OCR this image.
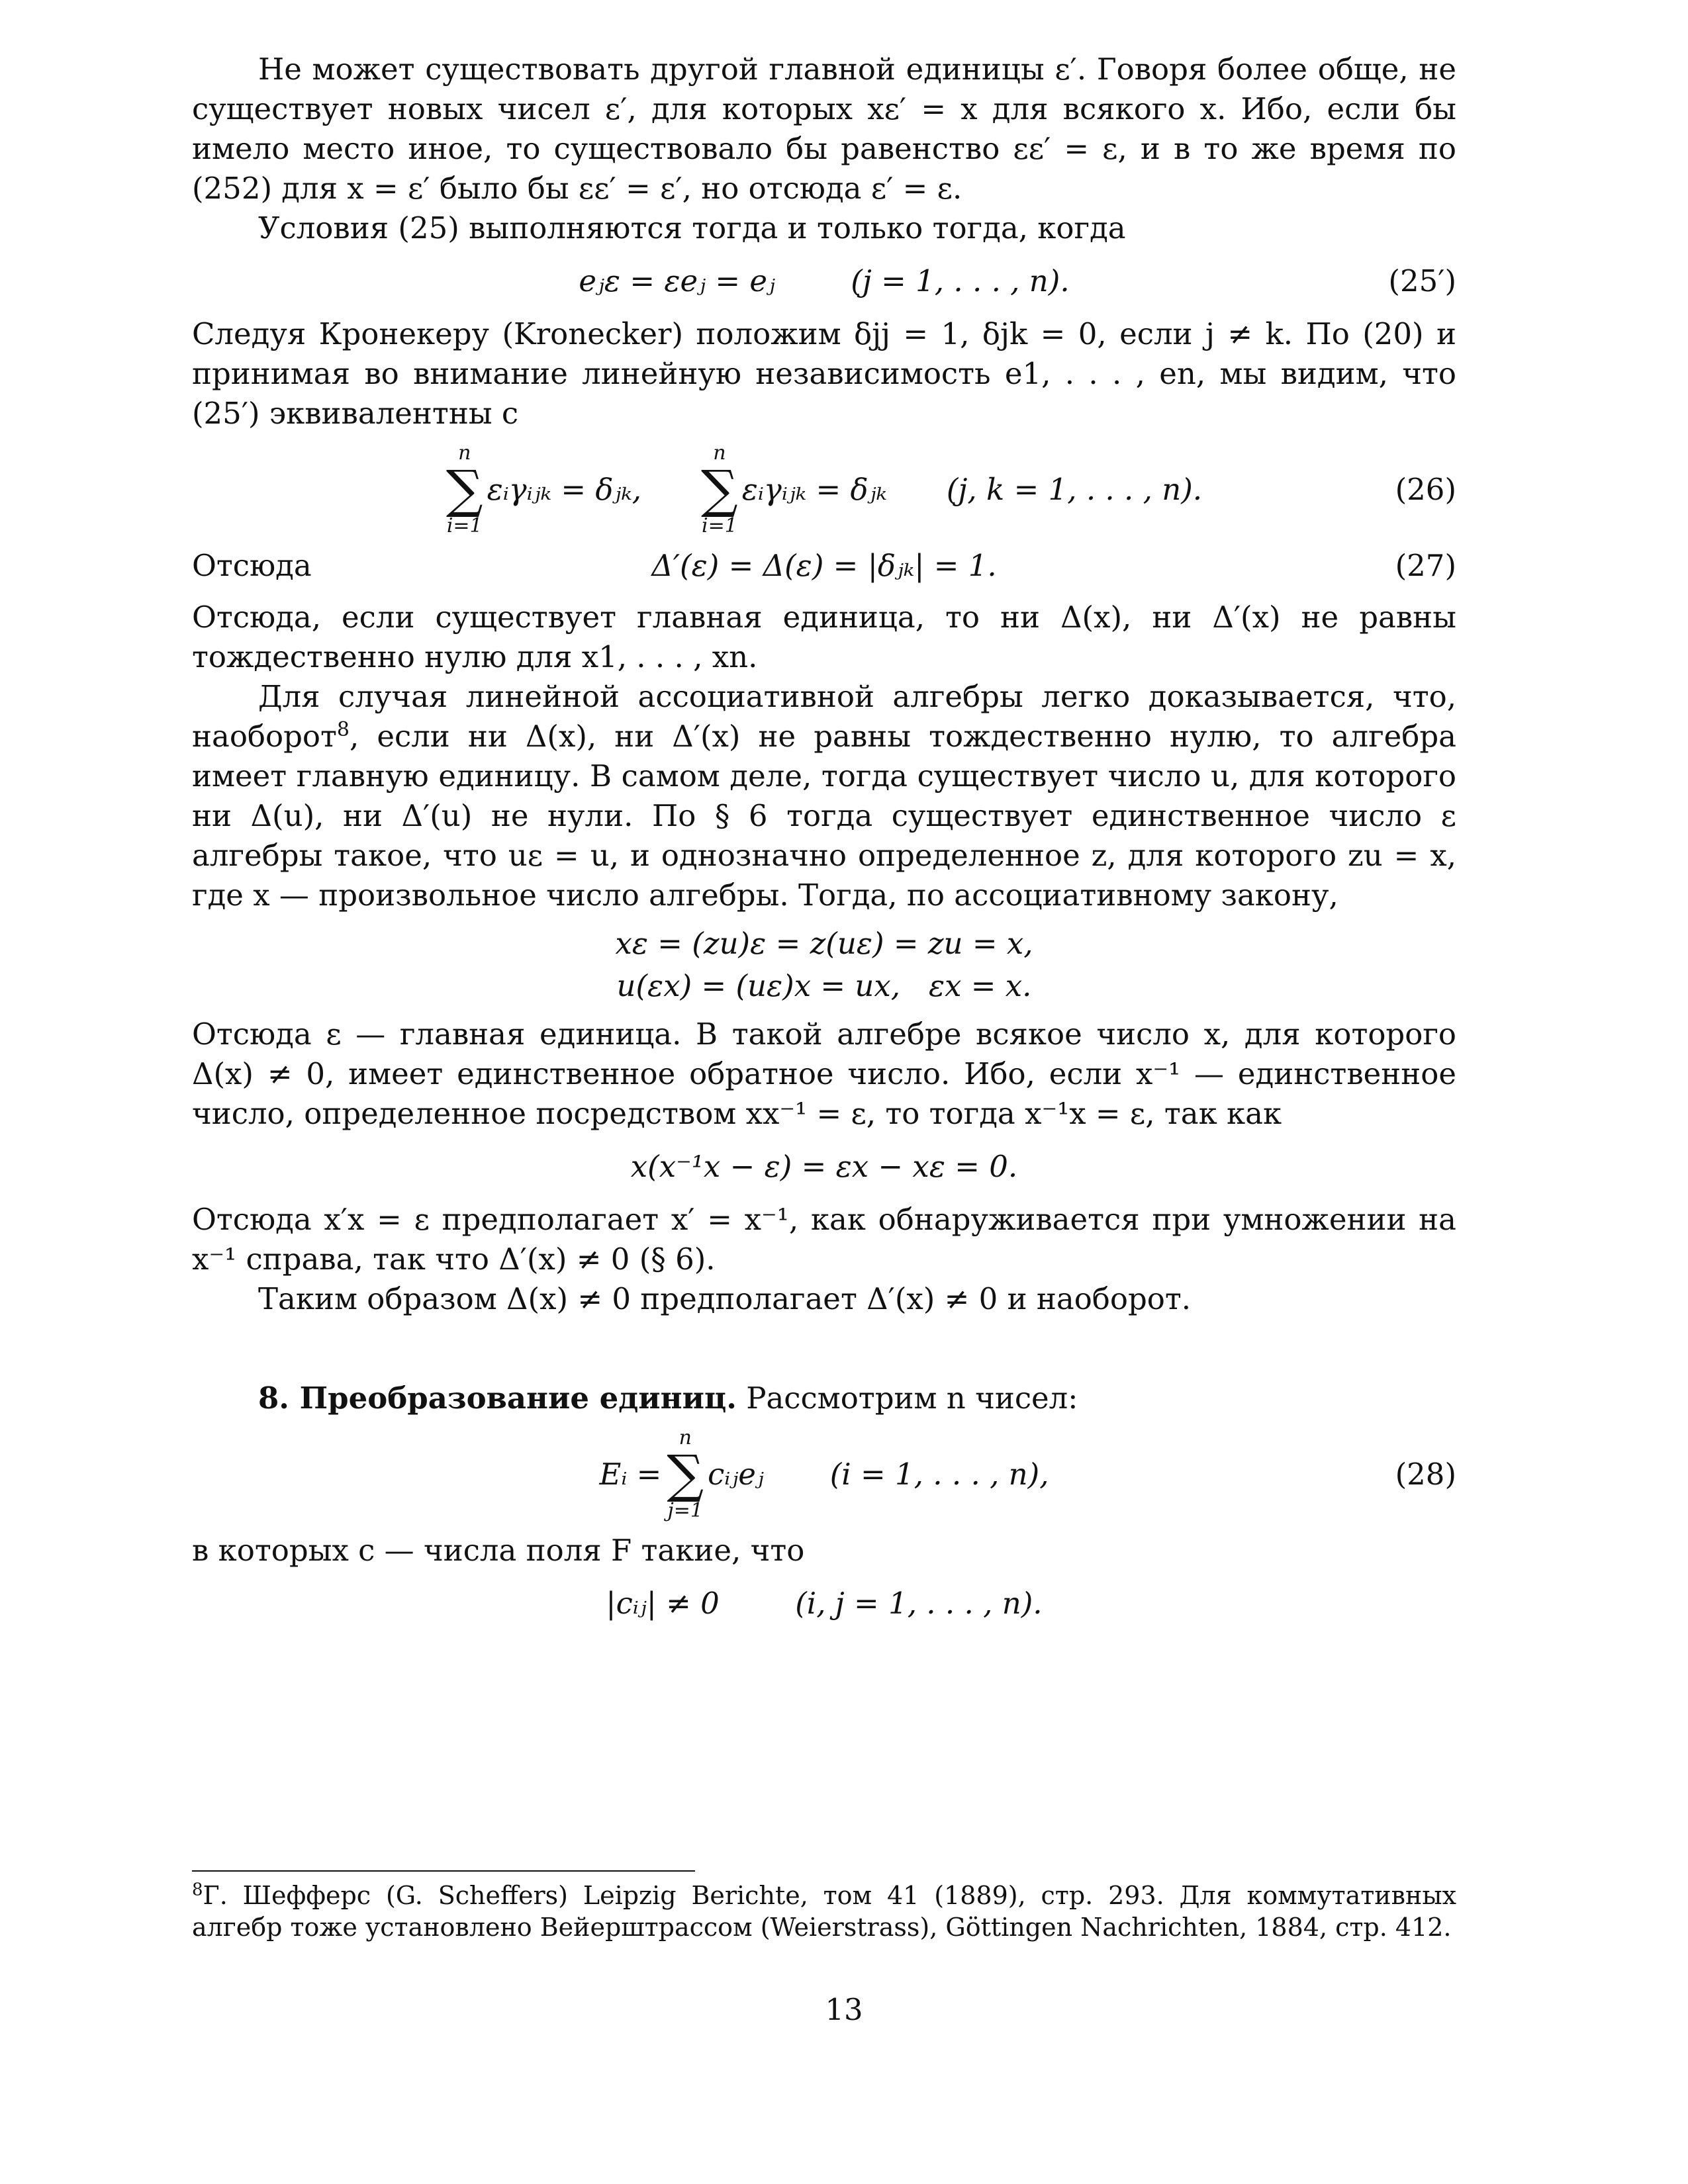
Не может существовать другой главной единицы ε′. Говоря более обще, не существует новых чисел ε′, для которых xε′ = x для всякого x. Ибо, если бы имело место иное, то существовало бы равенство εε′ = ε, и в то же время по (252) для x = ε′ было бы εε′ = ε′, но отсюда ε′ = ε.

Условия (25) выполняются тогда и только тогда, когда

eⱼε = εeⱼ = eⱼ        (j = 1, . . . , n).	(25′)

Следуя Кронекеру (Kronecker) положим δjj = 1, δjk = 0, если j ≠ k. По (20) и принимая во внимание линейную независимость e1, . . . , en, мы видим, что (25′) эквивалентны с

n
∑
i=1
εᵢγᵢⱼₖ = δⱼₖ,
n
∑
i=1
εᵢγᵢⱼₖ = δⱼₖ (j, k = 1, . . . , n).	(26)

Отсюда	Δ′(ε) = Δ(ε) = |δⱼₖ| = 1.	(27)

Отсюда, если существует главная единица, то ни Δ(x), ни Δ′(x) не равны тождественно нулю для x1, . . . , xn.

Для случая линейной ассоциативной алгебры легко доказывается, что, наоборот$^8$, если ни Δ(x), ни Δ′(x) не равны тождественно нулю, то алгебра имеет главную единицу. В самом деле, тогда существует число u, для которого ни Δ(u), ни Δ′(u) не нули. По § 6 тогда существует единственное число ε алгебры такое, что uε = u, и однозначно определенное z, для которого zu = x, где x — произвольное число алгебры. Тогда, по ассоциативному закону,

xε = (zu)ε = z(uε) = zu = x,
u(εx) = (uε)x = ux,   εx = x.

Отсюда ε — главная единица. В такой алгебре всякое число x, для которого Δ(x) ≠ 0, имеет единственное обратное число. Ибо, если x⁻¹ — единственное число, определенное посредством xx⁻¹ = ε, то тогда x⁻¹x = ε, так как

x(x⁻¹x − ε) = εx − xε = 0.

Отсюда x′x = ε предполагает x′ = x⁻¹, как обнаруживается при умножении на x⁻¹ справа, так что Δ′(x) ≠ 0 (§ 6).

Таким образом Δ(x) ≠ 0 предполагает Δ′(x) ≠ 0 и наоборот.

8. Преобразование единиц. Рассмотрим n чисел:

Eᵢ =
n
∑
j=1
cᵢⱼeⱼ (i = 1, . . . , n),	(28)

в которых c — числа поля F такие, что

|cᵢⱼ| ≠ 0        (i, j = 1, . . . , n).
$^8$Г. Шефферс (G. Scheffers) Leipzig Berichte, том 41 (1889), стр. 293. Для коммутативных алгебр тоже установлено Вейерштрассом (Weierstrass), Göttingen Nachrichten, 1884, стр. 412.
13
